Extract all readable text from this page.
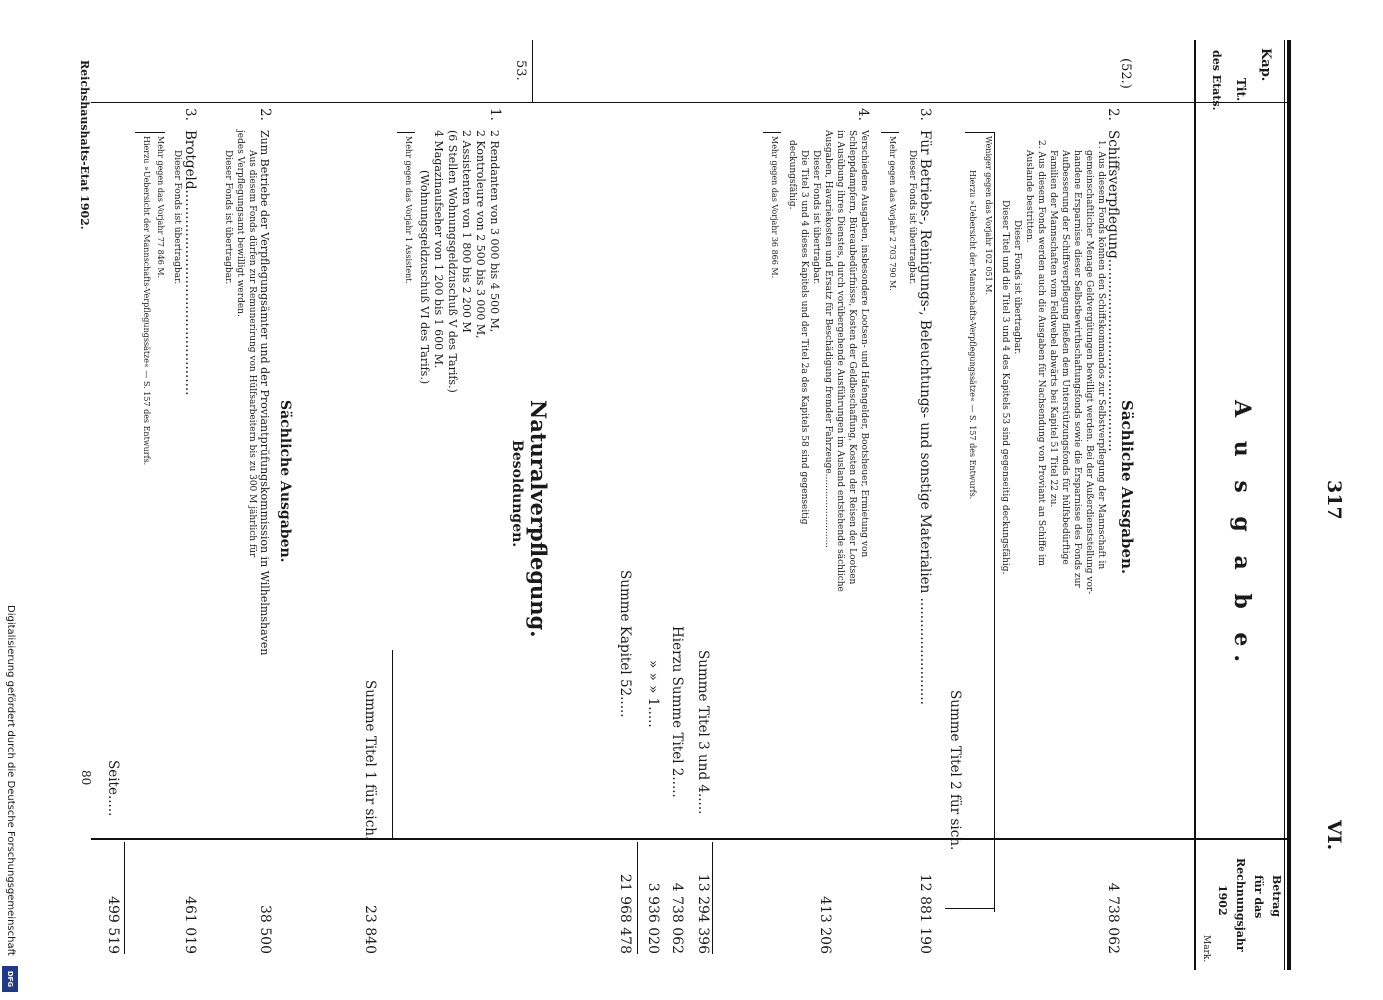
317
VI.
Kap.
Tit.
des Etats.
A u s g a b e.
Betrag
für das
Rechnungsjahr
1902
Mark.
(52.)
53.
Sächliche Ausgaben.
2.
Schiffsverpflegung.............................................
1. Aus diesem Fonds können den Schiffskommandos zur Selbstverpflegung der Mannschaft in
gemeinschaftlicher Menage Geldvergütungen bewilligt werden. Bei der Außerdienststellung vor-
handene Ersparnisse dieser Selbstbewirthschaftungsfonds sowie die Ersparnisse des Fonds zur
Aufbesserung der Schiffsverpflegung fließen dem Unterstützungsfonds für hülfsbedürftige
Familien der Mannschaften vom Feldwebel abwärts bei Kapitel 51 Titel 22 zu.
2. Aus diesem Fonds werden auch die Ausgaben für Nachsendung von Proviant an Schiffe im
Auslande bestritten.
Dieser Fonds ist übertragbar.
Dieser Titel und die Titel 3 und 4 des Kapitels 53 sind gegenseitig deckungsfähig.
Weniger gegen das Vorjahr 102 051 M.
Hierzu »Uebersicht der Mannschafts-Verpflegungssätze« — S. 157 des Entwurfs.
Summe Titel 2 für sich.
4 738 062
3.
Für Betriebs-, Reinigungs-, Beleuchtungs- und sonstige Materialien .........................
Dieser Fonds ist übertragbar.
Mehr gegen das Vorjahr 2 703 790 M.
12 881 190
4.
Verschiedene Ausgaben, insbesondere Lootsen- und Hafengelder, Bootsheuer, Ermietung von
Schleppdampfern, Büreaubedürfnisse, Kosten der Geldbeschaffung, Kosten der Reisen der Lootsen
in Ausübung ihres Dienstes, durch vorübergehende Ausführungen im Ausland entstehende sächliche
Ausgaben, Havariekosten und Ersatz für Beschädigung fremder Fahrzeuge..........................
Dieser Fonds ist übertragbar.
Die Titel 3 und 4 dieses Kapitels und der Titel 2a des Kapitels 58 sind gegenseitig
deckungsfähig.
Mehr gegen das Vorjahr 36 866 M.
413 206
Summe Titel 3 und 4.....
13 294 396
Hierzu Summe Titel 2.....
4 738 062
» » » 1.....
3 936 020
Summe Kapitel 52.....
21 968 478
Naturalverpflegung.
Besoldungen.
1.
2 Rendanten von 3 000 bis 4 500 M,
2 Kontroleure von 2 500 bis 3 000 M,
2 Assistenten von 1 800 bis 2 200 M
(6 Stellen Wohnungsgeldzuschuß V des Tarifs.)
4 Magazinaufseher von 1 200 bis 1 600 M.
(Wohnungsgeldzuschuß VI des Tarifs.)
Mehr gegen das Vorjahr 1 Assistent.
Summe Titel 1 für sich.
23 840
Sächliche Ausgaben.
2.
Zum Betriebe der Verpflegungsämter und der Proviantprüfungskommission in Wilhelmshaven
Aus diesem Fonds dürfen zur Remunerirung von Hülfsarbeitern bis zu 300 M jährlich für
jedes Verpflegungsamt bewilligt werden.
Dieser Fonds ist übertragbar.
38 500
3.
Brotgeld................................................
Dieser Fonds ist übertragbar.
Mehr gegen das Vorjahr 77 846 M.
Hierzu »Uebersicht der Mannschafts-Verpflegungssätze« — S. 157 des Entwurfs.
461 019
Seite.....
499 519
80
Reichshaushalts-Etat 1902.
Digitalisierung gefördert durch die Deutsche Forschungsgemeinschaft
DFG
